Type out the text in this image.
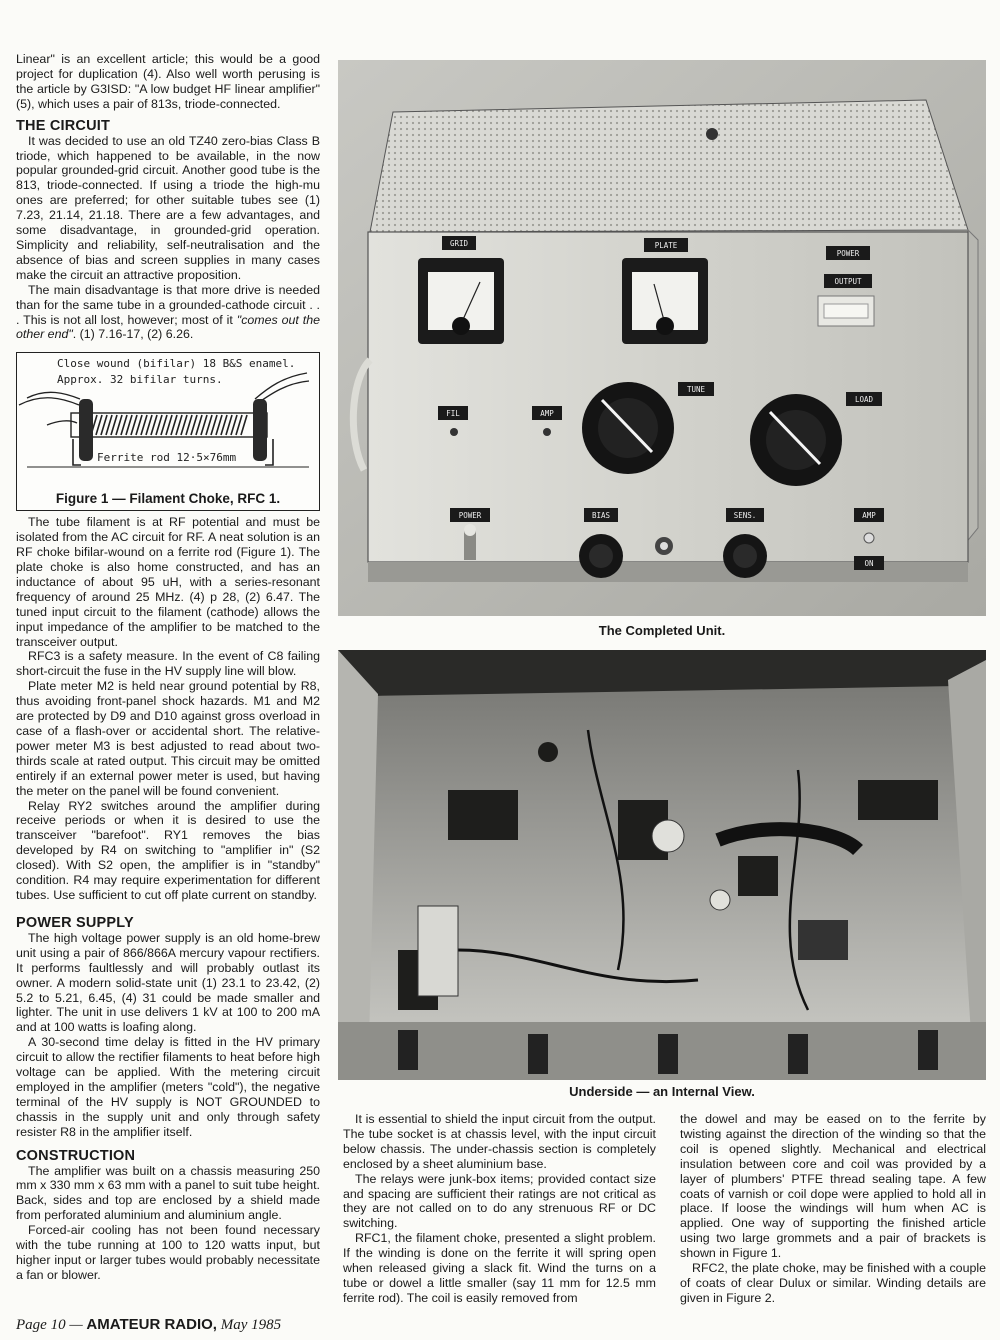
Linear" is an excellent article; this would be a good project for duplication (4). Also well worth perusing is the article by G3ISD: "A low budget HF linear amplifier" (5), which uses a pair of 813s, triode-connected.

THE CIRCUIT

It was decided to use an old TZ40 zero-bias Class B triode, which happened to be available, in the now popular grounded-grid circuit. Another good tube is the 813, triode-connected. If using a triode the high-mu ones are preferred; for other suitable tubes see (1) 7.23, 21.14, 21.18. There are a few advantages, and some disadvantage, in grounded-grid operation. Simplicity and reliability, self-neutralisation and the absence of bias and screen supplies in many cases make the circuit an attractive proposition.

The main disadvantage is that more drive is needed than for the same tube in a grounded-cathode circuit . . . This is not all lost, however; most of it "comes out the other end". (1) 7.16-17, (2) 6.26.

Close wound (bifilar) 18 B&S enamel.
Approx. 32 bifilar turns.
Ferrite rod 12·5×76mm
Figure 1 — Filament Choke, RFC 1.

The tube filament is at RF potential and must be isolated from the AC circuit for RF. A neat solution is an RF choke bifilar-wound on a ferrite rod (Figure 1). The plate choke is also home constructed, and has an inductance of about 95 uH, with a series-resonant frequency of around 25 MHz. (4) p 28, (2) 6.47. The tuned input circuit to the filament (cathode) allows the input impedance of the amplifier to be matched to the transceiver output.

RFC3 is a safety measure. In the event of C8 failing short-circuit the fuse in the HV supply line will blow.

Plate meter M2 is held near ground potential by R8, thus avoiding front-panel shock hazards. M1 and M2 are protected by D9 and D10 against gross overload in case of a flash-over or accidental short. The relative-power meter M3 is best adjusted to read about two-thirds scale at rated output. This circuit may be omitted entirely if an external power meter is used, but having the meter on the panel will be found convenient.

Relay RY2 switches around the amplifier during receive periods or when it is desired to use the transceiver "barefoot". RY1 removes the bias developed by R4 on switching to "amplifier in" (S2 closed). With S2 open, the amplifier is in "standby" condition. R4 may require experimentation for different tubes. Use sufficient to cut off plate current on standby.

POWER SUPPLY

The high voltage power supply is an old home-brew unit using a pair of 866/866A mercury vapour rectifiers. It performs faultlessly and will probably outlast its owner. A modern solid-state unit (1) 23.1 to 23.42, (2) 5.2 to 5.21, 6.45, (4) 31 could be made smaller and lighter. The unit in use delivers 1 kV at 100 to 200 mA and at 100 watts is loafing along.

A 30-second time delay is fitted in the HV primary circuit to allow the rectifier filaments to heat before high voltage can be applied. With the metering circuit employed in the amplifier (meters "cold"), the negative terminal of the HV supply is NOT GROUNDED to chassis in the supply unit and only through safety resister R8 in the amplifier itself.

CONSTRUCTION

The amplifier was built on a chassis measuring 250 mm x 330 mm x 63 mm with a panel to suit tube height. Back, sides and top are enclosed by a shield made from perforated aluminium and aluminium angle.

Forced-air cooling has not been found necessary with the tube running at 100 to 120 watts input, but higher input or larger tubes would probably necessitate a fan or blower.

GRID	PLATE
POWER
OUTPUT
TUNE
LOAD
FIL	AMP
POWER	BIAS	SENS.	AMP
ON
The Completed Unit.
Underside — an Internal View.

It is essential to shield the input circuit from the output. The tube socket is at chassis level, with the input circuit below chassis. The under-chassis section is completely enclosed by a sheet aluminium base.

The relays were junk-box items; provided contact size and spacing are sufficient their ratings are not critical as they are not called on to do any strenuous RF or DC switching.

RFC1, the filament choke, presented a slight problem. If the winding is done on the ferrite it will spring open when released giving a slack fit. Wind the turns on a tube or dowel a little smaller (say 11 mm for 12.5 mm ferrite rod). The coil is easily removed from

the dowel and may be eased on to the ferrite by twisting against the direction of the winding so that the coil is opened slightly. Mechanical and electrical insulation between core and coil was provided by a layer of plumbers' PTFE thread sealing tape. A few coats of varnish or coil dope were applied to hold all in place. If loose the windings will hum when AC is applied. One way of supporting the finished article using two large grommets and a pair of brackets is shown in Figure 1.

RFC2, the plate choke, may be finished with a couple of coats of clear Dulux or similar. Winding details are given in Figure 2.

Page 10 — AMATEUR RADIO, May 1985
